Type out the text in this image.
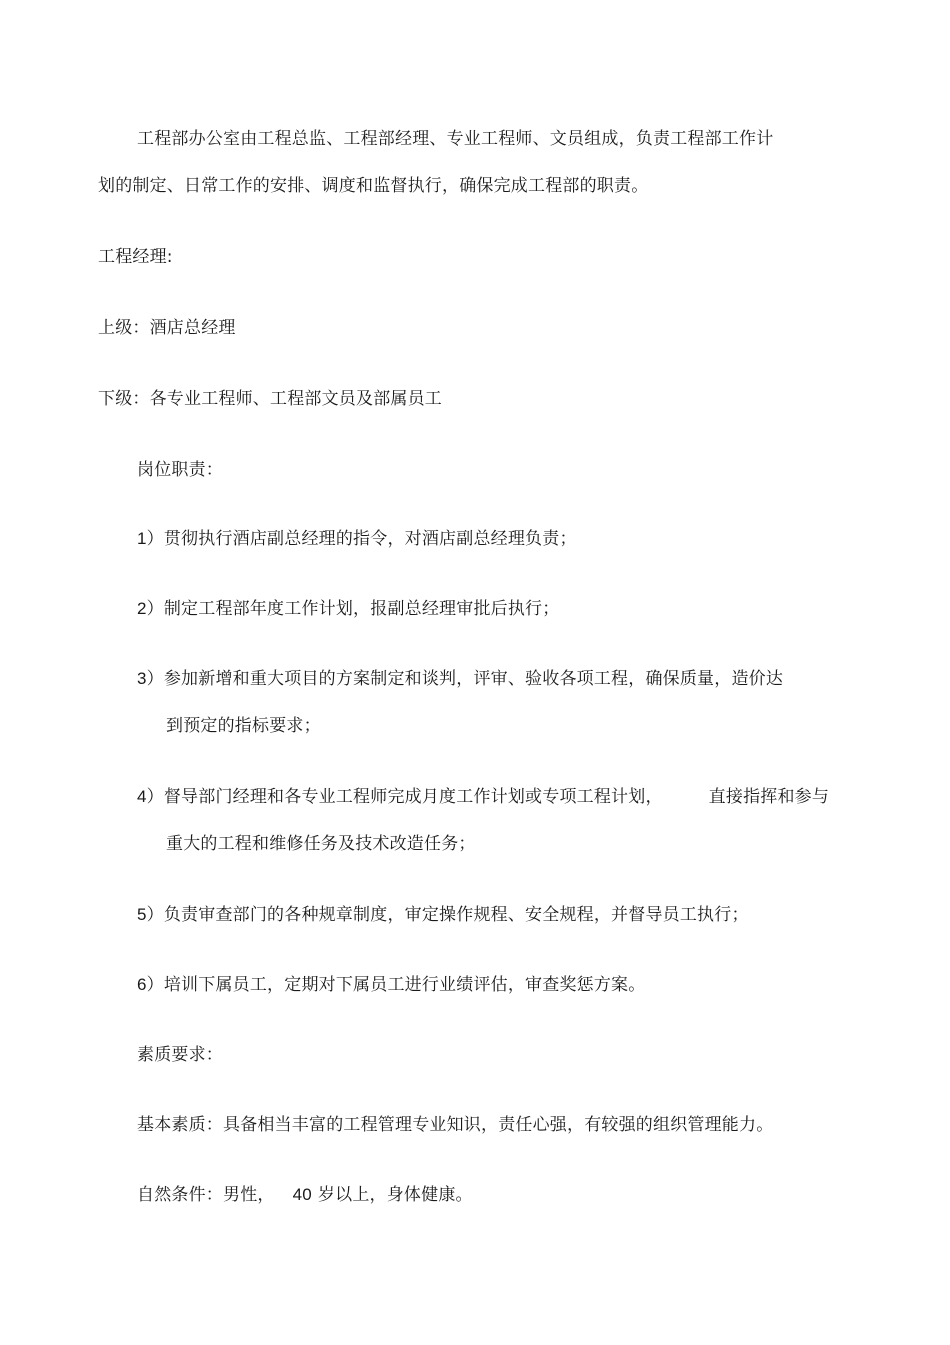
工程部办公室由工程总监、工程部经理、专业工程师、文员组成，负责工程部工作计
划的制定、日常工作的安排、调度和监督执行，确保完成工程部的职责。
工程经理:
上级：酒店总经理
下级：各专业工程师、工程部文员及部属员工
岗位职责：
1）贯彻执行酒店副总经理的指令，对酒店副总经理负责；
2）制定工程部年度工作计划，报副总经理审批后执行；
3）参加新增和重大项目的方案制定和谈判，评审、验收各项工程，确保质量，造价达
到预定的指标要求；
4）督导部门经理和各专业工程师完成月度工作计划或专项工程计划，	直接指挥和参与
重大的工程和维修任务及技术改造任务；
5）负责审查部门的各种规章制度，审定操作规程、安全规程，并督导员工执行；
6）培训下属员工，定期对下属员工进行业绩评估，审查奖惩方案。
素质要求：
基本素质：具备相当丰富的工程管理专业知识，责任心强，有较强的组织管理能力。
自然条件：男性， 40 岁以上，身体健康。
